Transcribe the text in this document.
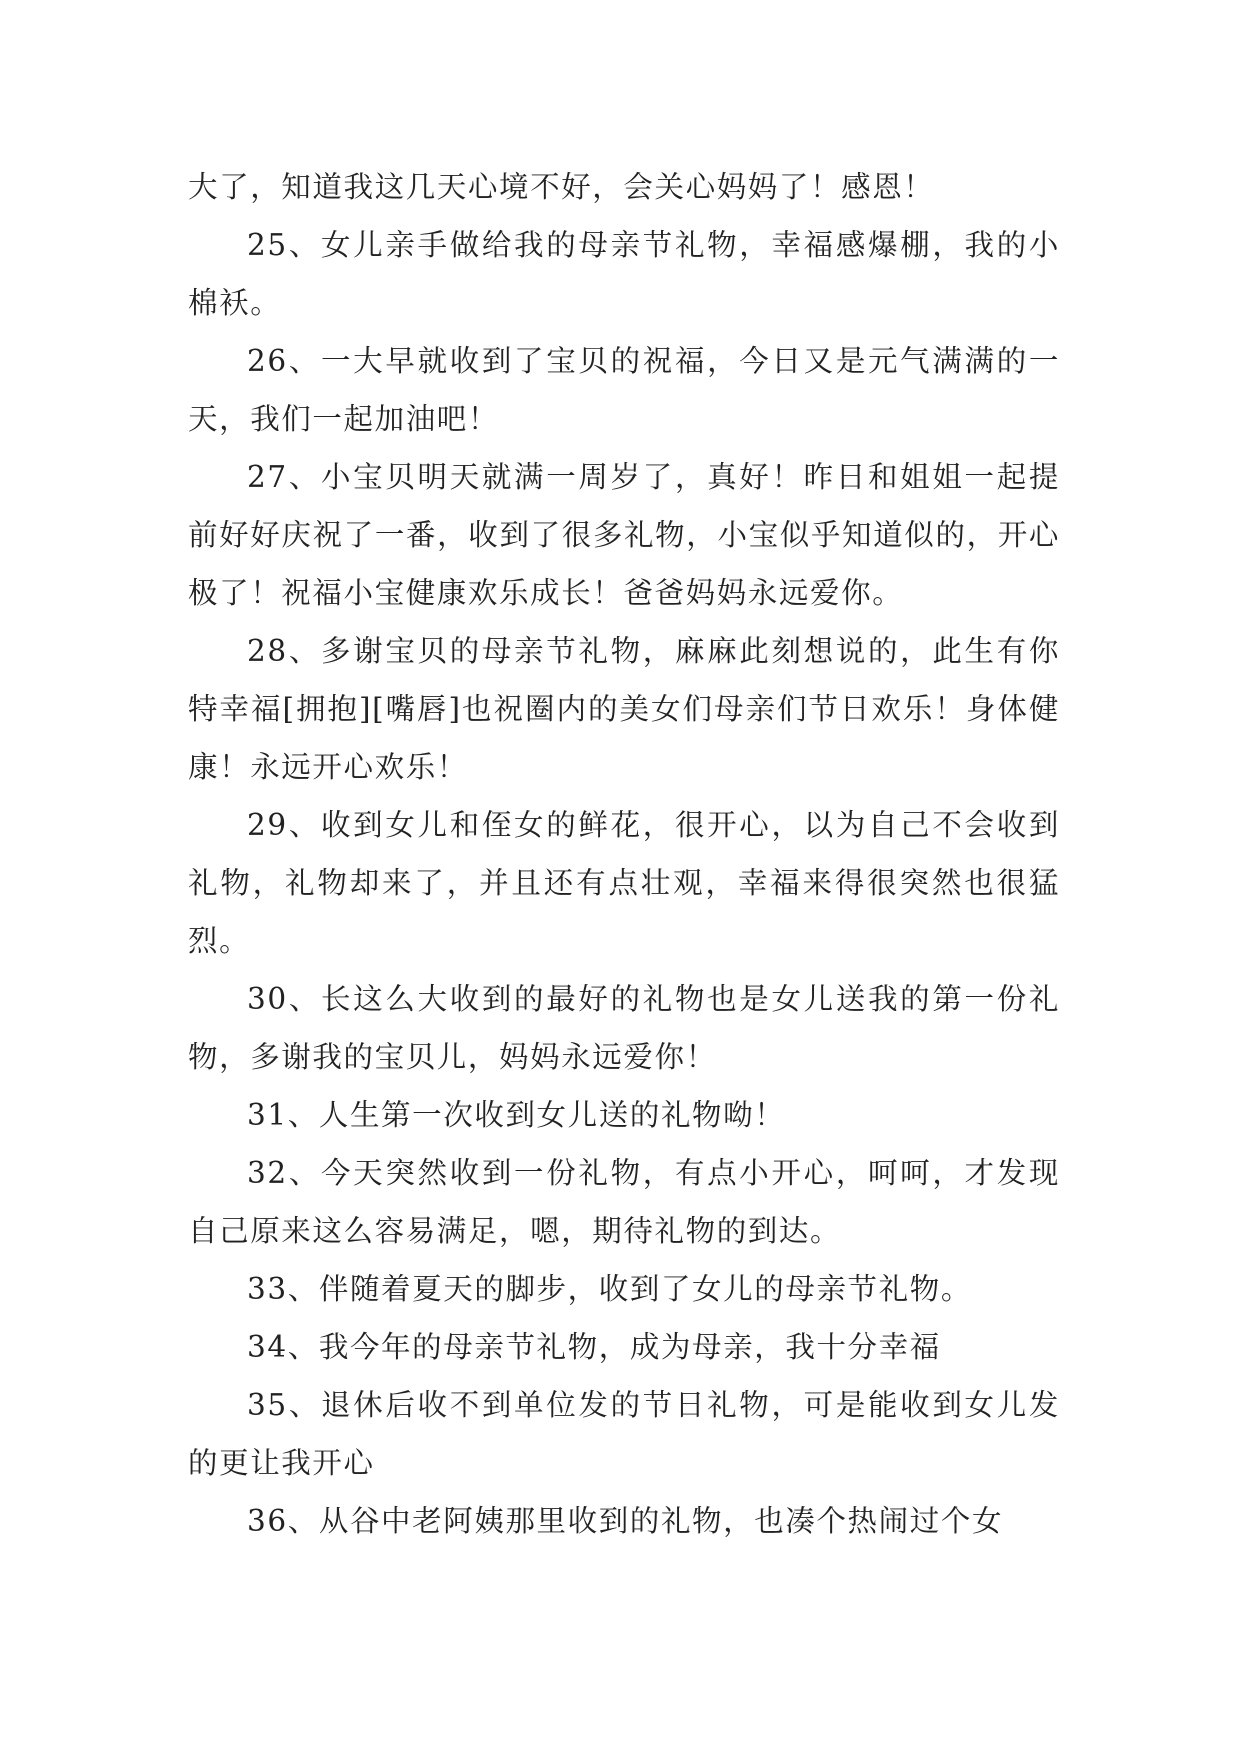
大了，知道我这几天心境不好，会关心妈妈了！感恩！

25、女儿亲手做给我的母亲节礼物，幸福感爆棚，我的小棉袄。

26、一大早就收到了宝贝的祝福，今日又是元气满满的一天，我们一起加油吧！

27、小宝贝明天就满一周岁了，真好！昨日和姐姐一起提前好好庆祝了一番，收到了很多礼物，小宝似乎知道似的，开心极了！祝福小宝健康欢乐成长！爸爸妈妈永远爱你。

28、多谢宝贝的母亲节礼物，麻麻此刻想说的，此生有你特幸福[拥抱][嘴唇]也祝圈内的美女们母亲们节日欢乐！身体健康！永远开心欢乐！

29、收到女儿和侄女的鲜花，很开心，以为自己不会收到礼物，礼物却来了，并且还有点壮观，幸福来得很突然也很猛烈。

30、长这么大收到的最好的礼物也是女儿送我的第一份礼物，多谢我的宝贝儿，妈妈永远爱你！

31、人生第一次收到女儿送的礼物呦！

32、今天突然收到一份礼物，有点小开心，呵呵，才发现自己原来这么容易满足，嗯，期待礼物的到达。

33、伴随着夏天的脚步，收到了女儿的母亲节礼物。

34、我今年的母亲节礼物，成为母亲，我十分幸福

35、退休后收不到单位发的节日礼物，可是能收到女儿发的更让我开心

36、从谷中老阿姨那里收到的礼物，也凑个热闹过个女
